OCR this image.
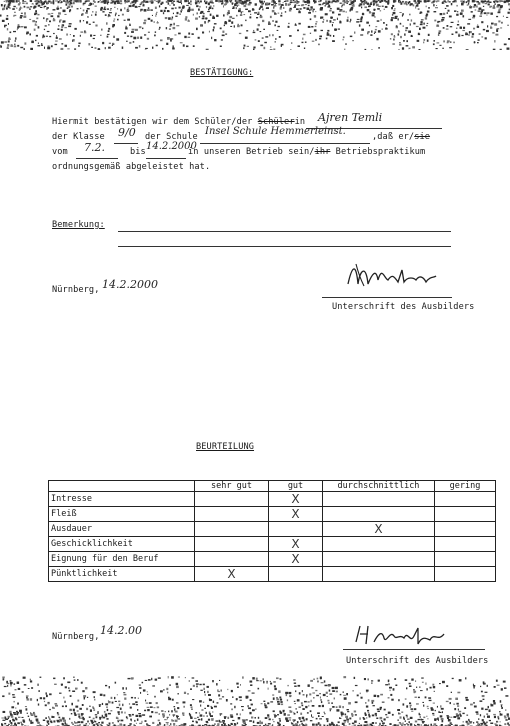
BESTÄTIGUNG:
Hiermit bestätigen wir dem Schüler/der Schülerin Ajren Temli
der Klasse 9/0 der Schule Insel Schule Hemmerleinst.	,daß er/sie
vom 7.2.	bis 14.2.2000
in unseren Betrieb sein/ihr Betriebspraktikum
ordnungsgemäß abgeleistet hat.
Bemerkung:
Nürnberg, 14.2.2000
Unterschrift des Ausbilders
BEURTEILUNG
	sehr gut	gut	durchschnittlich	gering
Intresse		X		
Fleiß		X		
Ausdauer			X	
Geschicklichkeit		X		
Eignung für den Beruf		X		
Pünktlichkeit	X			
Nürnberg, 14.2.00
Unterschrift des Ausbilders
